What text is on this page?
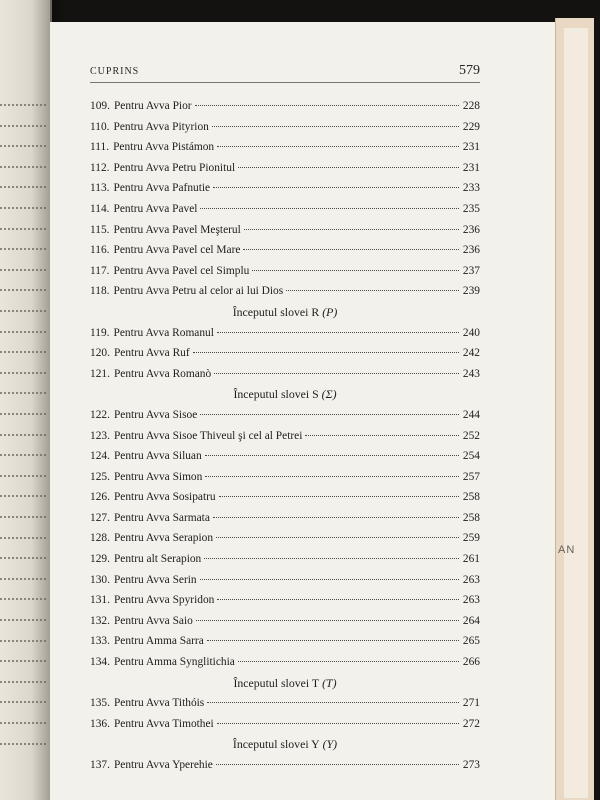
AN
CUPRINS	579
109. Pentru Avva Pior	228
110. Pentru Avva Pityrion	229
111. Pentru Avva Pistámon	231
112. Pentru Avva Petru Pionitul	231
113. Pentru Avva Pafnutie	233
114. Pentru Avva Pavel	235
115. Pentru Avva Pavel Meşterul	236
116. Pentru Avva Pavel cel Mare	236
117. Pentru Avva Pavel cel Simplu	237
118. Pentru Avva Petru al celor ai lui Dios	239
Începutul slovei R (Ρ)
119. Pentru Avva Romanul	240
120. Pentru Avva Ruf	242
121. Pentru Avva Romanò	243
Începutul slovei S (Σ)
122. Pentru Avva Sisoe	244
123. Pentru Avva Sisoe Thiveul şi cel al Petrei	252
124. Pentru Avva Siluan	254
125. Pentru Avva Simon	257
126. Pentru Avva Sosipatru	258
127. Pentru Avva Sarmata	258
128. Pentru Avva Serapion	259
129. Pentru alt Serapion	261
130. Pentru Avva Serin	263
131. Pentru Avva Spyridon	263
132. Pentru Avva Saio	264
133. Pentru Amma Sarra	265
134. Pentru Amma Synglitichia	266
Începutul slovei T (Τ)
135. Pentru Avva Tithóis	271
136. Pentru Avva Timothei	272
Începutul slovei Y (Υ)
137. Pentru Avva Yperehie	273
